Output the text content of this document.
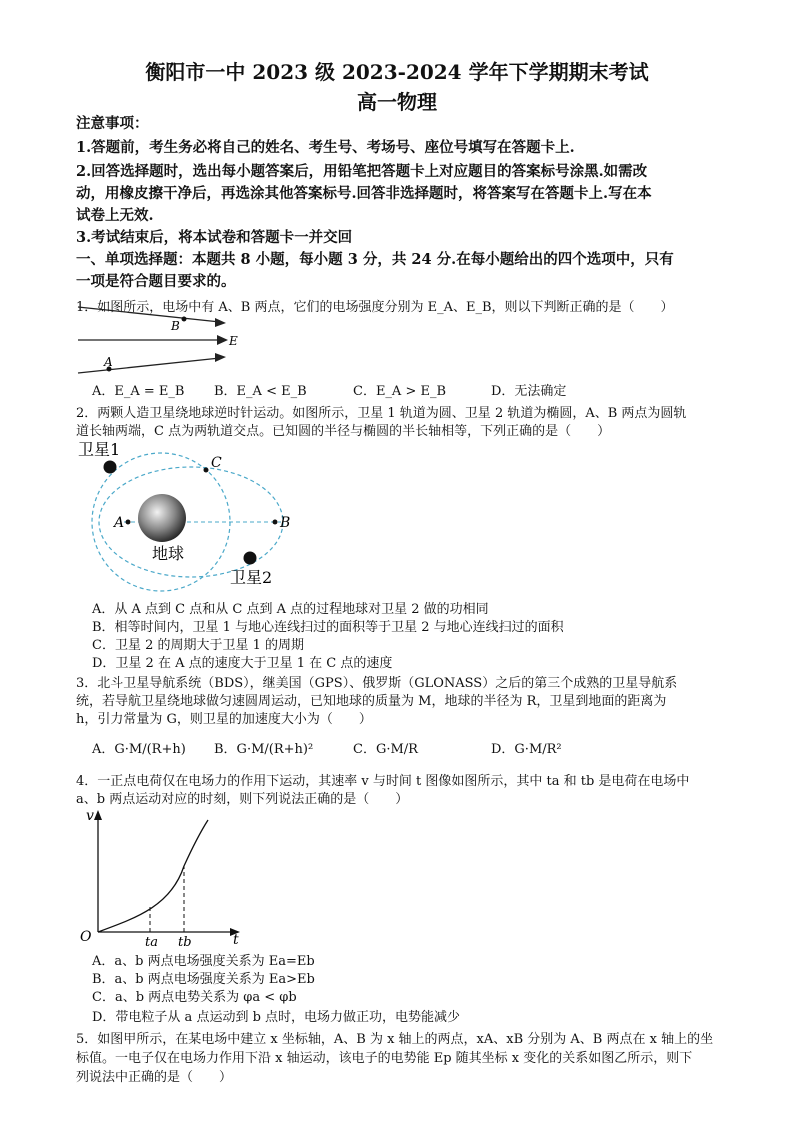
衡阳市一中 2023 级 2023-2024 学年下学期期末考试
高一物理
注意事项：
1.答题前，考生务必将自己的姓名、考生号、考场号、座位号填写在答题卡上.
2.回答选择题时，选出每小题答案后，用铅笔把答题卡上对应题目的答案标号涂黑.如需改
动，用橡皮擦干净后，再选涂其他答案标号.回答非选择题时，将答案写在答题卡上.写在本
试卷上无效.
3.考试结束后，将本试卷和答题卡一并交回
一、单项选择题：本题共 8 小题，每小题 3 分，共 24 分.在每小题给出的四个选项中，只有
一项是符合题目要求的。
1．如图所示，电场中有 A、B 两点，它们的电场强度分别为 E_A、E_B，则以下判断正确的是（　　）
B
A
E
A．E_A = E_B B．E_A < E_B	C．E_A > E_B	D．无法确定
2．两颗人造卫星绕地球逆时针运动。如图所示，卫星 1 轨道为圆、卫星 2 轨道为椭圆，A、B 两点为圆轨
道长轴两端，C 点为两轨道交点。已知圆的半径与椭圆的半长轴相等，下列正确的是（　　）
地球
卫星1
卫星2
A	B
C
A．从 A 点到 C 点和从 C 点到 A 点的过程地球对卫星 2 做的功相同
B．相等时间内，卫星 1 与地心连线扫过的面积等于卫星 2 与地心连线扫过的面积
C．卫星 2 的周期大于卫星 1 的周期
D．卫星 2 在 A 点的速度大于卫星 1 在 C 点的速度
3．北斗卫星导航系统（BDS），继美国（GPS）、俄罗斯（GLONASS）之后的第三个成熟的卫星导航系
统，若导航卫星绕地球做匀速圆周运动，已知地球的质量为 M，地球的半径为 R，卫星到地面的距离为
h，引力常量为 G，则卫星的加速度大小为（　　）
A．G·M/(R+h) B．G·M/(R+h)²	C．G·M/R	D．G·M/R²
4．一正点电荷仅在电场力的作用下运动，其速率 v 与时间 t 图像如图所示，其中 ta 和 tb 是电荷在电场中
a、b 两点运动对应的时刻，则下列说法正确的是（　　）
v
t
O	ta tb
A．a、b 两点电场强度关系为 Ea=Eb
B．a、b 两点电场强度关系为 Ea>Eb
C．a、b 两点电势关系为 φa < φb
D．带电粒子从 a 点运动到 b 点时，电场力做正功，电势能减少
5．如图甲所示，在某电场中建立 x 坐标轴，A、B 为 x 轴上的两点，xA、xB 分别为 A、B 两点在 x 轴上的坐
标值。一电子仅在电场力作用下沿 x 轴运动，该电子的电势能 Ep 随其坐标 x 变化的关系如图乙所示，则下
列说法中正确的是（　　）
